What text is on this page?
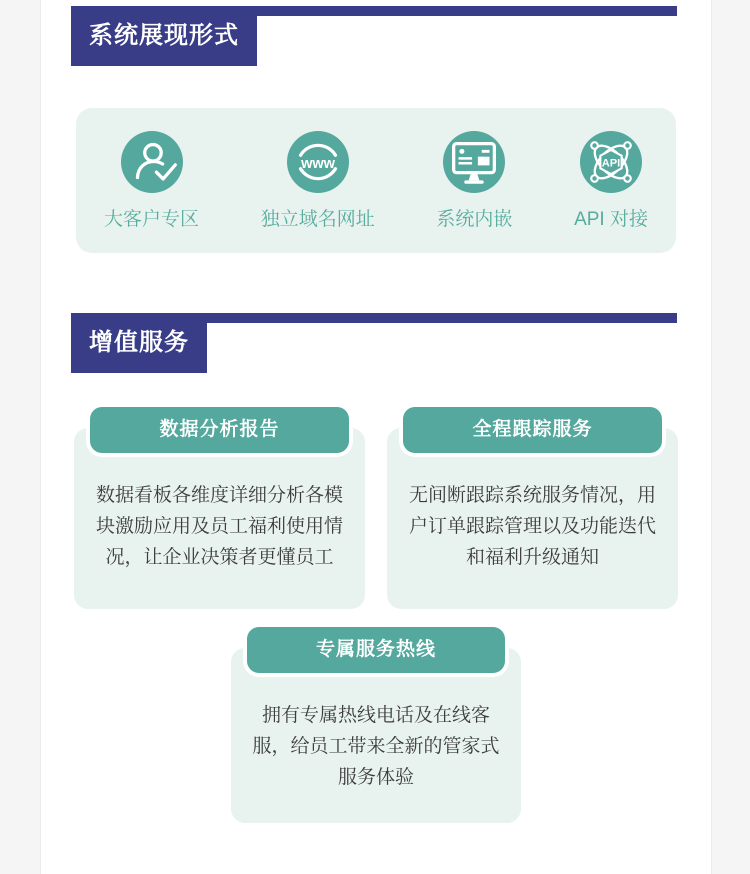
系统展现形式
大客户专区
www
独立域名网址	系统内嵌
API
API 对接
增值服务
数据分析报告
数据看板各维度详细分析各模块激励应用及员工福利使用情况，让企业决策者更懂员工
全程跟踪服务
无间断跟踪系统服务情况，用户订单跟踪管理以及功能迭代和福利升级通知
专属服务热线
拥有专属热线电话及在线客服，给员工带来全新的管家式服务体验
